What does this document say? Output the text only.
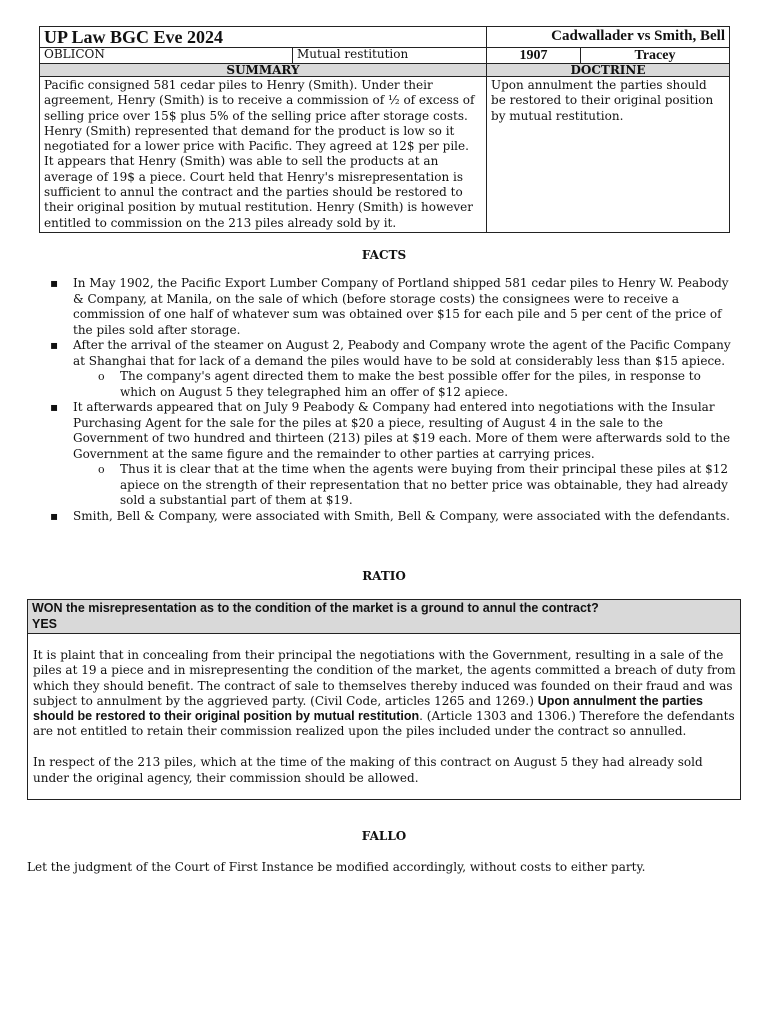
UP Law BGC Eve 2024		Cadwallader vs Smith, Bell	
OBLICON	Mutual restitution	1907	Tracey
SUMMARY		DOCTRINE	
Pacific consigned 581 cedar piles to Henry (Smith). Under their agreement, Henry (Smith) is to receive a commission of ½ of excess of selling price over 15$ plus 5% of the selling price after storage costs. Henry (Smith) represented that demand for the product is low so it negotiated for a lower price with Pacific. They agreed at 12$ per pile. It appears that Henry (Smith) was able to sell the products at an average of 19$ a piece. Court held that Henry's misrepresentation is sufficient to annul the contract and the parties should be restored to their original position by mutual restitution. Henry (Smith) is however entitled to commission on the 213 piles already sold by it.		Upon annulment the parties should be restored to their original position by mutual restitution.	
FACTS
▪ In May 1902, the Pacific Export Lumber Company of Portland shipped 581 cedar piles to Henry W. Peabody & Company, at Manila, on the sale of which (before storage costs) the consignees were to receive a commission of one half of whatever sum was obtained over $15 for each pile and 5 per cent of the price of the piles sold after storage.
▪ After the arrival of the steamer on August 2, Peabody and Company wrote the agent of the Pacific Company at Shanghai that for lack of a demand the piles would have to be sold at considerably less than $15 apiece.
o The company's agent directed them to make the best possible offer for the piles, in response to which on August 5 they telegraphed him an offer of $12 apiece.
▪ It afterwards appeared that on July 9 Peabody & Company had entered into negotiations with the Insular Purchasing Agent for the sale for the piles at $20 a piece, resulting of August 4 in the sale to the Government of two hundred and thirteen (213) piles at $19 each. More of them were afterwards sold to the Government at the same figure and the remainder to other parties at carrying prices.
o Thus it is clear that at the time when the agents were buying from their principal these piles at $12 apiece on the strength of their representation that no better price was obtainable, they had already sold a substantial part of them at $19.
▪ Smith, Bell & Company, were associated with Smith, Bell & Company, were associated with the defendants.
RATIO
WON the misrepresentation as to the condition of the market is a ground to annul the contract?
YES

It is plaint that in concealing from their principal the negotiations with the Government, resulting in a sale of the piles at 19 a piece and in misrepresenting the condition of the market, the agents committed a breach of duty from which they should benefit. The contract of sale to themselves thereby induced was founded on their fraud and was subject to annulment by the aggrieved party. (Civil Code, articles 1265 and 1269.) Upon annulment the parties should be restored to their original position by mutual restitution. (Article 1303 and 1306.) Therefore the defendants are not entitled to retain their commission realized upon the piles included under the contract so annulled.

In respect of the 213 piles, which at the time of the making of this contract on August 5 they had already sold under the original agency, their commission should be allowed.

FALLO
Let the judgment of the Court of First Instance be modified accordingly, without costs to either party.
